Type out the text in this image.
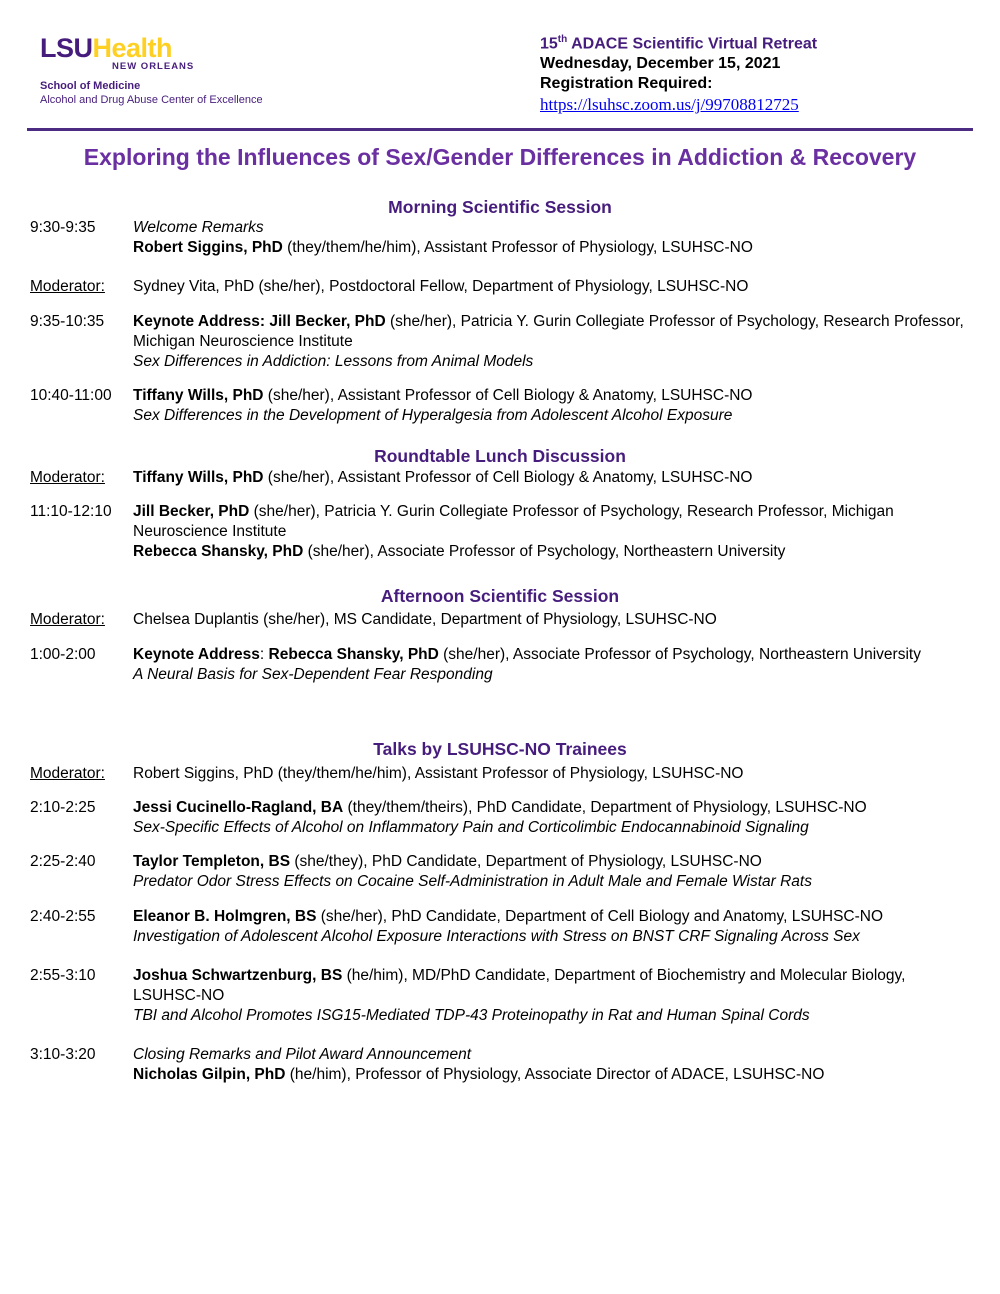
LSUHealth
NEW ORLEANS
School of Medicine
Alcohol and Drug Abuse Center of Excellence
15th ADACE Scientific Virtual Retreat
Wednesday, December 15, 2021
Registration Required:
https://lsuhsc.zoom.us/j/99708812725
Exploring the Influences of Sex/Gender Differences in Addiction & Recovery
Morning Scientific Session
9:30-9:35	Welcome Remarks
Robert Siggins, PhD (they/them/he/him), Assistant Professor of Physiology, LSUHSC-NO
Moderator:	Sydney Vita, PhD (she/her), Postdoctoral Fellow, Department of Physiology, LSUHSC-NO
9:35-10:35	Keynote Address: Jill Becker, PhD (she/her), Patricia Y. Gurin Collegiate Professor of Psychology, Research Professor, Michigan Neuroscience Institute
Sex Differences in Addiction: Lessons from Animal Models
10:40-11:00	Tiffany Wills, PhD (she/her), Assistant Professor of Cell Biology & Anatomy, LSUHSC-NO
Sex Differences in the Development of Hyperalgesia from Adolescent Alcohol Exposure
Roundtable Lunch Discussion
Moderator:	Tiffany Wills, PhD (she/her), Assistant Professor of Cell Biology & Anatomy, LSUHSC-NO
11:10-12:10	Jill Becker, PhD (she/her), Patricia Y. Gurin Collegiate Professor of Psychology, Research Professor, Michigan Neuroscience Institute
Rebecca Shansky, PhD (she/her), Associate Professor of Psychology, Northeastern University
Afternoon Scientific Session
Moderator:	Chelsea Duplantis (she/her), MS Candidate, Department of Physiology, LSUHSC-NO
1:00-2:00	Keynote Address: Rebecca Shansky, PhD (she/her), Associate Professor of Psychology, Northeastern University
A Neural Basis for Sex-Dependent Fear Responding
Talks by LSUHSC-NO Trainees
Moderator:	Robert Siggins, PhD (they/them/he/him), Assistant Professor of Physiology, LSUHSC-NO
2:10-2:25	Jessi Cucinello-Ragland, BA (they/them/theirs), PhD Candidate, Department of Physiology, LSUHSC-NO
Sex-Specific Effects of Alcohol on Inflammatory Pain and Corticolimbic Endocannabinoid Signaling
2:25-2:40	Taylor Templeton, BS (she/they), PhD Candidate, Department of Physiology, LSUHSC-NO
Predator Odor Stress Effects on Cocaine Self-Administration in Adult Male and Female Wistar Rats
2:40-2:55	Eleanor B. Holmgren, BS (she/her), PhD Candidate, Department of Cell Biology and Anatomy, LSUHSC-NO
Investigation of Adolescent Alcohol Exposure Interactions with Stress on BNST CRF Signaling Across Sex
2:55-3:10	Joshua Schwartzenburg, BS (he/him), MD/PhD Candidate, Department of Biochemistry and Molecular Biology, LSUHSC-NO
TBI and Alcohol Promotes ISG15-Mediated TDP-43 Proteinopathy in Rat and Human Spinal Cords
3:10-3:20	Closing Remarks and Pilot Award Announcement
Nicholas Gilpin, PhD (he/him), Professor of Physiology, Associate Director of ADACE, LSUHSC-NO
